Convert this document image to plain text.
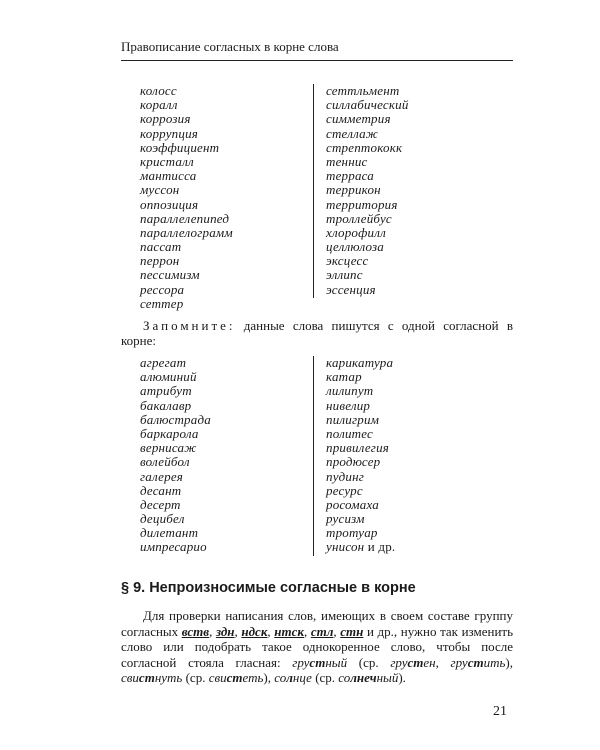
Правописание согласных в корне слова
колосс
коралл
коррозия
коррупция
коэффициент
кристалл
мантисса
муссон
оппозиция
параллелепипед
параллелограмм
пассат
перрон
пессимизм
рессора
сеттер
сеттльмент
силлабический
симметрия
стеллаж
стрептококк
теннис
терраса
террикон
территория
троллейбус
хлорофилл
целлюлоза
эксцесс
эллипс
эссенция
Запомните: данные слова пишутся с одной согласной в корне:
агрегат
алюминий
атрибут
бакалавр
балюстрада
баркарола
вернисаж
волейбол
галерея
десант
десерт
децибел
дилетант
импресарио
карикатура
катар
лилипут
нивелир
пилигрим
политес
привилегия
продюсер
пудинг
ресурс
росомаха
русизм
тротуар
унисон и др.
§ 9. Непроизносимые согласные в корне
Для проверки написания слов, имеющих в своем составе группу согласных вств, здн, ндск, нтск, стл, стн и др., нужно так изменить слово или подобрать такое однокоренное слово, чтобы после согласной стояла гласная: грустный (ср. грустен, грустить), свистнуть (ср. свистеть), солнце (ср. солнечный).
21
